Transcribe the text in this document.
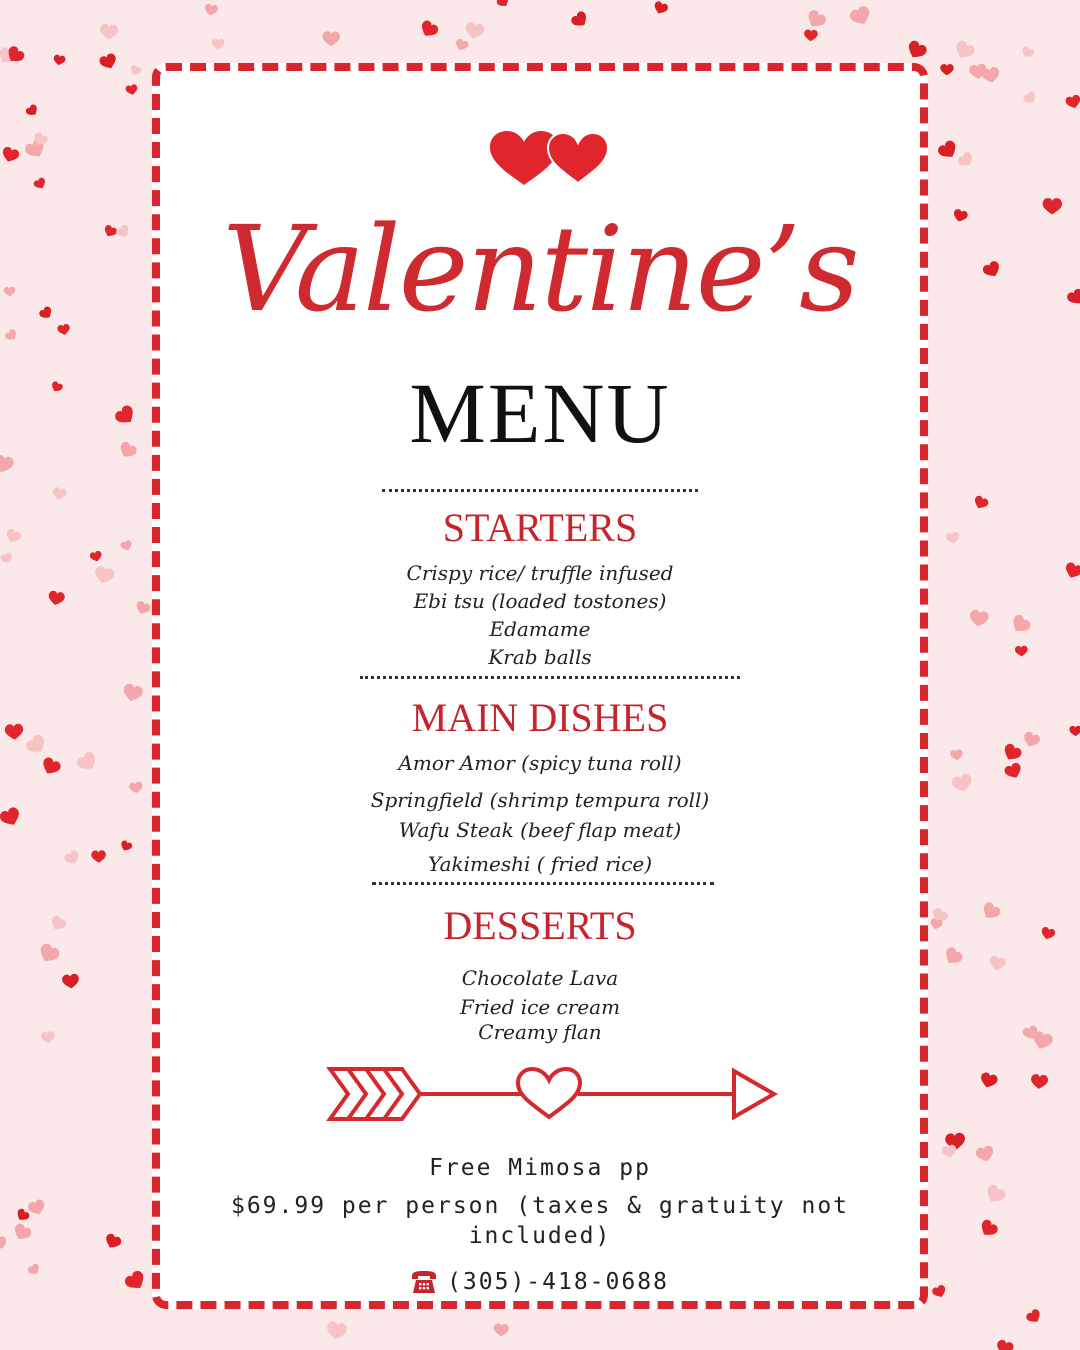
Valentine’s
MENU
STARTERS
Crispy rice/ truffle infused
Ebi tsu (loaded tostones)
Edamame
Krab balls
MAIN DISHES
Amor Amor (spicy tuna roll)
Springfield (shrimp tempura roll)
Wafu Steak (beef flap meat)
Yakimeshi ( fried rice)
DESSERTS
Chocolate Lava
Fried ice cream
Creamy flan
Free Mimosa pp
$69.99 per person (taxes & gratuity not included)
(305)-418-0688
